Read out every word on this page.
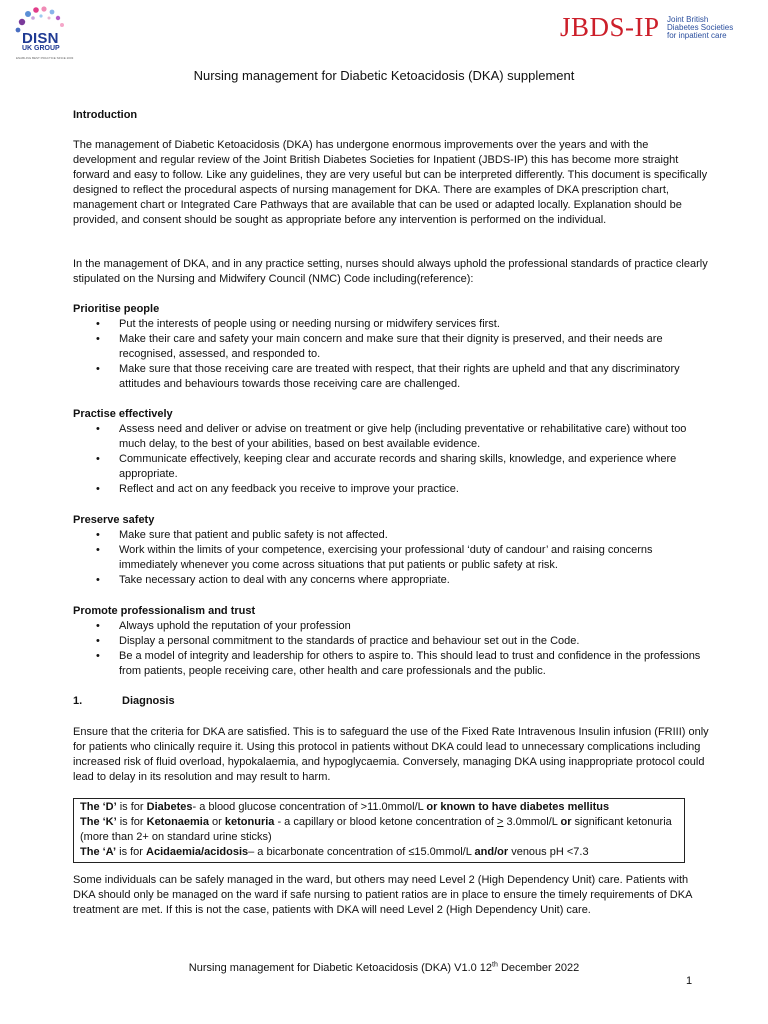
DISN
UK GROUP
ENABLING BEST PRACTICE SINCE 2003
JBDS-IP Joint British
Diabetes Societies
for inpatient care
Nursing management for Diabetic Ketoacidosis (DKA) supplement
Introduction

The management of Diabetic Ketoacidosis (DKA) has undergone enormous improvements over the years and with the development and regular review of the Joint British Diabetes Societies for Inpatient (JBDS-IP) this has become more straight forward and easy to follow. Like any guidelines, they are very useful but can be interpreted differently. This document is specifically designed to reflect the procedural aspects of nursing management for DKA. There are examples of DKA prescription chart, management chart or Integrated Care Pathways that are available that can be used or adapted locally. Explanation should be provided, and consent should be sought as appropriate before any intervention is performed on the individual.

In the management of DKA, and in any practice setting, nurses should always uphold the professional standards of practice clearly stipulated on the Nursing and Midwifery Council (NMC) Code including(reference):

Prioritise people
• Put the interests of people using or needing nursing or midwifery services first.
• Make their care and safety your main concern and make sure that their dignity is preserved, and their needs are recognised, assessed, and responded to.
• Make sure that those receiving care are treated with respect, that their rights are upheld and that any discriminatory attitudes and behaviours towards those receiving care are challenged.
Practise effectively
• Assess need and deliver or advise on treatment or give help (including preventative or rehabilitative care) without too much delay, to the best of your abilities, based on best available evidence.
• Communicate effectively, keeping clear and accurate records and sharing skills, knowledge, and experience where appropriate.
• Reflect and act on any feedback you receive to improve your practice.
Preserve safety
• Make sure that patient and public safety is not affected.
• Work within the limits of your competence, exercising your professional ‘duty of candour’ and raising concerns immediately whenever you come across situations that put patients or public safety at risk.
• Take necessary action to deal with any concerns where appropriate.
Promote professionalism and trust
• Always uphold the reputation of your profession
• Display a personal commitment to the standards of practice and behaviour set out in the Code.
• Be a model of integrity and leadership for others to aspire to. This should lead to trust and confidence in the professions from patients, people receiving care, other health and care professionals and the public.
1.	Diagnosis

Ensure that the criteria for DKA are satisfied. This is to safeguard the use of the Fixed Rate Intravenous Insulin infusion (FRIII) only for patients who clinically require it. Using this protocol in patients without DKA could lead to unnecessary complications including increased risk of fluid overload, hypokalaemia, and hypoglycaemia. Conversely, managing DKA using inappropriate protocol could lead to delay in its resolution and may result to harm.

The ‘D’ is for Diabetes- a blood glucose concentration of >11.0mmol/L or known to have diabetes mellitus

The ‘K’ is for Ketonaemia or ketonuria - a capillary or blood ketone concentration of > 3.0mmol/L or significant ketonuria (more than 2+ on standard urine sticks)

The ‘A’ is for Acidaemia/acidosis– a bicarbonate concentration of ≤15.0mmol/L and/or venous pH <7.3

Some individuals can be safely managed in the ward, but others may need Level 2 (High Dependency Unit) care. Patients with DKA should only be managed on the ward if safe nursing to patient ratios are in place to ensure the timely requirements of DKA treatment are met. If this is not the case, patients with DKA will need Level 2 (High Dependency Unit) care.

Nursing management for Diabetic Ketoacidosis (DKA) V1.0 12th December 2022
1
